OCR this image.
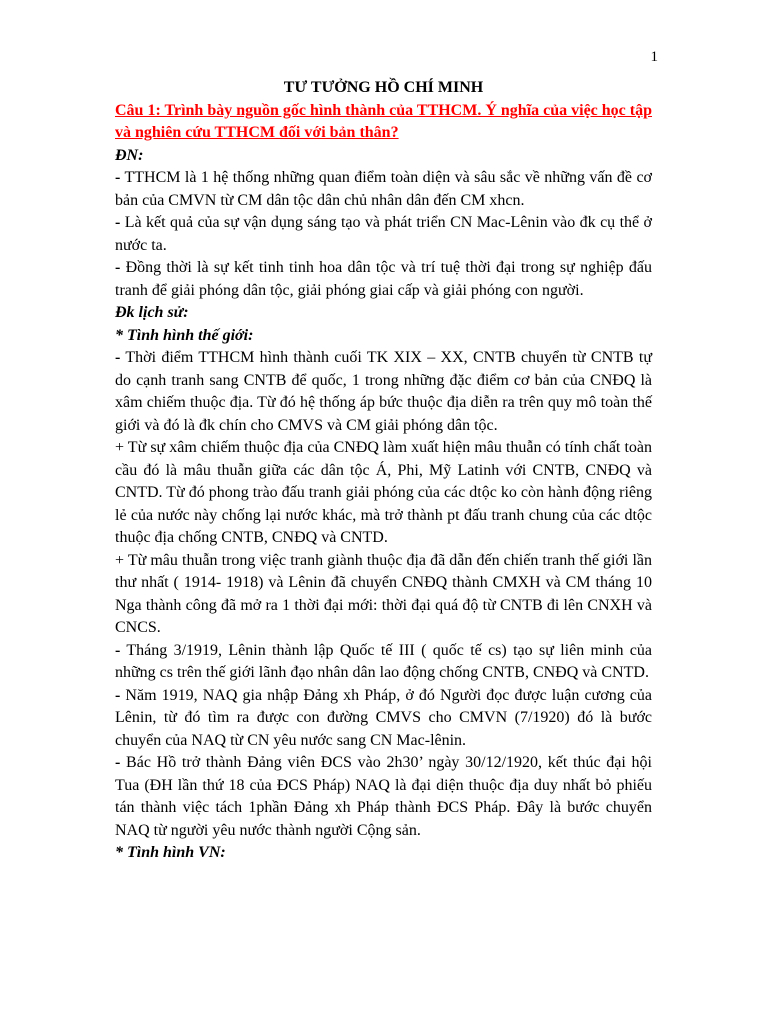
1

TƯ TƯỞNG HỒ CHÍ MINH

Câu 1: Trình bày nguồn gốc hình thành của TTHCM. Ý nghĩa của việc học tập và nghiên cứu TTHCM đối với bản thân?

ĐN:

- TTHCM là 1 hệ thống những quan điểm toàn diện và sâu sắc về những vấn đề cơ bản của CMVN từ CM dân tộc dân chủ nhân dân đến CM xhcn.

- Là kết quả của sự vận dụng sáng tạo và phát triển CN Mac-Lênin vào đk cụ thể ở nước ta.

- Đồng thời là sự kết tinh tinh hoa dân tộc và trí tuệ thời đại trong sự nghiệp đấu tranh để giải phóng dân tộc, giải phóng giai cấp và giải phóng con người.

Đk lịch sử:

* Tình hình thế giới:

- Thời điểm TTHCM hình thành cuối TK XIX – XX, CNTB chuyển từ CNTB tự do cạnh tranh sang CNTB để quốc, 1 trong những đặc điểm cơ bản của CNĐQ là xâm chiếm thuộc địa. Từ đó hệ thống áp bức thuộc địa diễn ra trên quy mô toàn thế giới và đó là đk chín cho CMVS và CM giải phóng dân tộc.

+ Từ sự xâm chiếm thuộc địa của CNĐQ làm xuất hiện mâu thuẫn có tính chất toàn cầu đó là mâu thuẫn giữa các dân tộc Á, Phi, Mỹ Latinh với CNTB, CNĐQ và CNTD. Từ đó phong trào đấu tranh giải phóng của các dtộc ko còn hành động riêng lẻ của nước này chống lại nước khác, mà trở thành pt đấu tranh chung của các dtộc thuộc địa chống CNTB, CNĐQ và CNTD.

+ Từ mâu thuẫn trong việc tranh giành thuộc địa đã dẫn đến chiến tranh thế giới lần thư nhất ( 1914- 1918) và Lênin đã chuyển CNĐQ thành CMXH và CM tháng 10 Nga thành công đã mở ra 1 thời đại mới: thời đại quá độ từ CNTB đi lên CNXH và CNCS.

- Tháng 3/1919, Lênin thành lập Quốc tế III ( quốc tế cs) tạo sự liên minh của những cs trên thế giới lãnh đạo nhân dân lao động chống CNTB, CNĐQ và CNTD.

- Năm 1919, NAQ gia nhập Đảng xh Pháp, ở đó Người đọc được luận cương của Lênin, từ đó tìm ra được con đường CMVS cho CMVN (7/1920) đó là bước chuyển của NAQ từ CN yêu nước sang CN Mac-lênin.

- Bác Hồ trở thành Đảng viên ĐCS vào 2h30’ ngày 30/12/1920, kết thúc đại hội Tua (ĐH lần thứ 18 của ĐCS Pháp) NAQ là đại diện thuộc địa duy nhất bỏ phiếu tán thành việc tách 1phần Đảng xh Pháp thành ĐCS Pháp. Đây là bước chuyển NAQ từ người yêu nước thành người Cộng sản.

* Tình hình VN:
